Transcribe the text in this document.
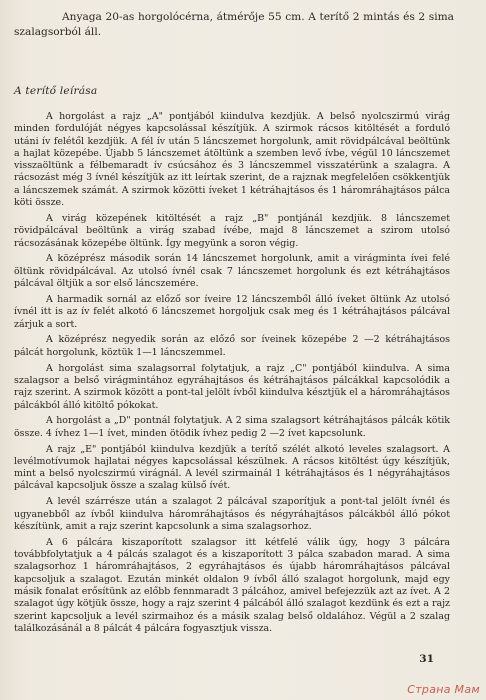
Anyaga 20-as horgolócérna, átmérője 55 cm. A terítő 2 mintás és 2 sima szalagsorból áll.

A terítő leírása

A horgolást a rajz „A" pontjából kiindulva kezdjük. A belső nyolcszirmú virág minden fordulóját négyes kapcsolással készítjük. A szirmok rácsos kitöltését a forduló utáni ív felétől kezdjük. A fél ív után 5 láncszemet horgolunk, amit rövidpálcával beöltünk a hajlat közepébe. Újabb 5 láncszemet átöltünk a szemben levő ívbe, végül 10 láncszemet visszaöltünk a félbemaradt ív csúcsához és 3 láncszemmel visszatérünk a szalagra. A rácsozást még 3 ívnél készítjük az itt leírtak szerint, de a rajznak megfelelően csökkentjük a láncszemek számát. A szirmok közötti íveket 1 kétráhajtásos és 1 háromráhajtásos pálca köti össze.

A virág közepének kitöltését a rajz „B" pontjánál kezdjük. 8 láncszemet rövidpálcával beöltünk a virág szabad ívébe, majd 8 láncszemet a szirom utolsó rácsozásának közepébe öltünk. Így megyünk a soron végig.

A középrész második során 14 láncszemet horgolunk, amit a virágminta ívei felé öltünk rövidpálcával. Az utolsó ívnél csak 7 láncszemet horgolunk és ezt kétráhajtásos pálcával öltjük a sor első láncszemére.

A harmadik sornál az előző sor íveire 12 láncszemből álló íveket öltünk Az utolsó ívnél itt is az ív felét alkotó 6 láncszemet horgoljuk csak meg és 1 kétráhajtásos pálcával zárjuk a sort.

A középrész negyedik során az előző sor íveinek közepébe 2 —2 kétráhajtásos pálcát horgolunk, köztük 1—1 láncszemmel.

A horgolást sima szalagsorral folytatjuk, a rajz „C" pontjából kiindulva. A sima szalagsor a belső virágmintához egyráhajtásos és kétráhajtásos pálcákkal kapcsolódik a rajz szerint. A szirmok között a pont-tal jelölt ívből kiindulva késztjük el a háromráhajtásos pálcákból álló kitöltő pókokat.

A horgolást a „D" pontnál folytatjuk. A 2 sima szalagsort kétráhajtásos pálcák kötik össze. 4 ívhez 1—1 ívet, minden ötödik ívhez pedig 2 —2 ívet kapcsolunk.

A rajz „E" pontjából kiindulva kezdjük a terítő szélét alkotó leveles szalagsort. A levélmotívumok hajlatai négyes kapcsolással készülnek. A rácsos kitöltést úgy készítjük, mint a belső nyolcszirmú virágnál. A levél szirmainál 1 kétráhajtásos és 1 négyráhajtásos pálcával kapcsoljuk össze a szalag külső ívét.

A levél szárrésze után a szalagot 2 pálcával szaporítjuk a pont-tal jelölt ívnél és ugyanebből az ívből kiindulva háromráhajtásos és négyráhajtásos pálcákból álló pókot készítünk, amit a rajz szerint kapcsolunk a sima szalagsorhoz.

A 6 pálcára kiszaporított szalagsor itt kétfelé válik úgy, hogy 3 pálcára továbbfolytatjuk a 4 pálcás szalagot és a kiszaporított 3 pálca szabadon marad. A sima szalagsorhoz 1 háromráhajtásos, 2 egyráhajtásos és újabb háromráhajtásos pálcával kapcsoljuk a szalagot. Ezután minkét oldalon 9 ívből álló szalagot horgolunk, majd egy másik fonalat erősítünk az előbb fennmaradt 3 pálcához, amivel befejezzük azt az ívet. A 2 szalagot úgy kötjük össze, hogy a rajz szerint 4 pálcából álló szalagot kezdünk és ezt a rajz szerint kapcsoljuk a levél szirmaihoz és a másik szalag belső oldalához. Végül a 2 szalag találkozásánál a 8 pálcát 4 pálcára fogyasztjuk vissza.

31
Страна Мам
